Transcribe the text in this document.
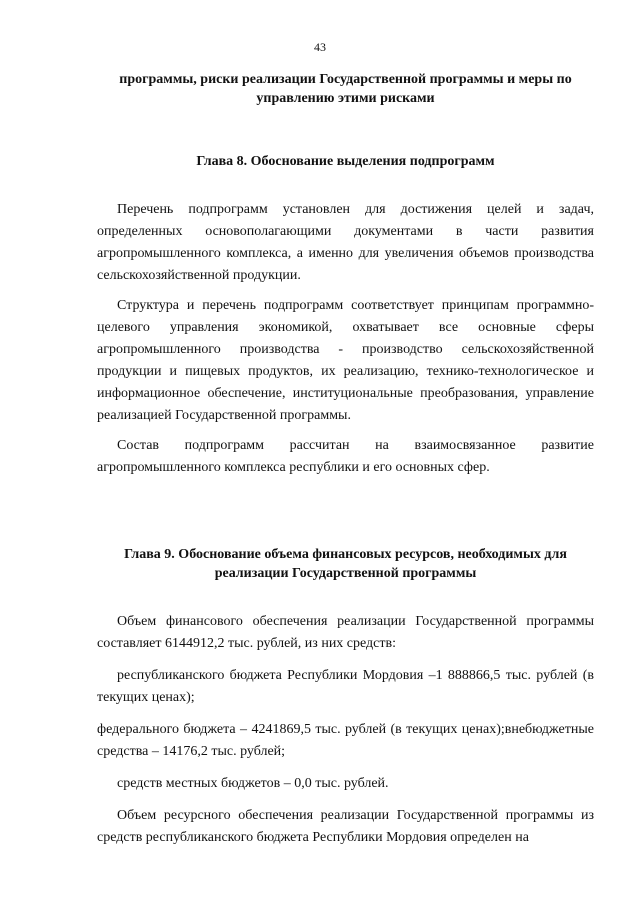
43

программы, риски реализации Государственной программы и меры по управлению этими рисками

Глава 8. Обоснование выделения подпрограмм

Перечень подпрограмм установлен для достижения целей и задач, определенных основополагающими документами в части развития агропромышленного комплекса, а именно для увеличения объемов производства сельскохозяйственной продукции.

Структура и перечень подпрограмм соответствует принципам программно-целевого управления экономикой, охватывает все основные сферы агропромышленного производства - производство сельскохозяйственной продукции и пищевых продуктов, их реализацию, технико-технологическое и информационное обеспечение, институциональные преобразования, управление реализацией Государственной программы.

Состав подпрограмм рассчитан на взаимосвязанное развитие агропромышленного комплекса республики и его основных сфер.

Глава 9. Обоснование объема финансовых ресурсов, необходимых для реализации Государственной программы

Объем финансового обеспечения реализации Государственной программы составляет 6144912,2 тыс. рублей, из них средств:

республиканского бюджета Республики Мордовия –1 888866,5 тыс. рублей (в текущих ценах);

федерального бюджета – 4241869,5 тыс. рублей (в текущих ценах);внебюджетные средства – 14176,2 тыс. рублей;

средств местных бюджетов – 0,0 тыс. рублей.

Объем ресурсного обеспечения реализации Государственной программы из средств республиканского бюджета Республики Мордовия определен на
